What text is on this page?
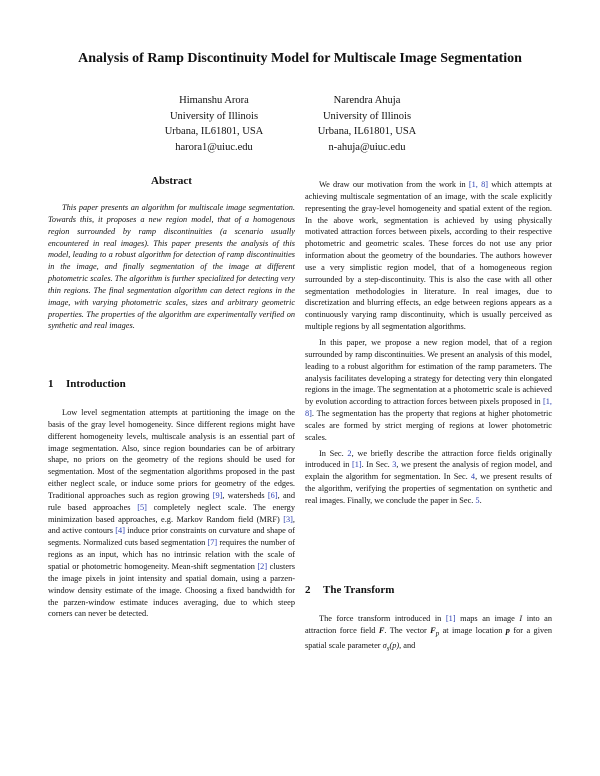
Analysis of Ramp Discontinuity Model for Multiscale Image Segmentation
Himanshu Arora
University of Illinois
Urbana, IL61801, USA
harora1@uiuc.edu
Narendra Ahuja
University of Illinois
Urbana, IL61801, USA
n-ahuja@uiuc.edu
Abstract

This paper presents an algorithm for multiscale image segmentation. Towards this, it proposes a new region model, that of a homogenous region surrounded by ramp discontinuities (a scenario usually encountered in real images). This paper presents the analysis of this model, leading to a robust algorithm for detection of ramp discontinuities in the image, and finally segmentation of the image at different photometric scales. The algorithm is further specialized for detecting very thin regions. The final segmentation algorithm can detect regions in the image, with varying photometric scales, sizes and arbitrary geometric properties. The properties of the algorithm are experimentally verified on synthetic and real images.

1 Introduction

Low level segmentation attempts at partitioning the image on the basis of the gray level homogeneity. Since different regions might have different homogeneity levels, multiscale analysis is an essential part of image segmentation. Also, since region boundaries can be of arbitrary shape, no priors on the geometry of the regions should be used for segmentation. Most of the segmentation algorithms proposed in the past either neglect scale, or induce some priors for geometry of the edges. Traditional approaches such as region growing [9], watersheds [6], and rule based approaches [5] completely neglect scale. The energy minimization based approaches, e.g. Markov Random field (MRF) [3], and active contours [4] induce prior constraints on curvature and shape of segments. Normalized cuts based segmentation [7] requires the number of regions as an input, which has no intrinsic relation with the scale of spatial or photometric homogeneity. Mean-shift segmentation [2] clusters the image pixels in joint intensity and spatial domain, using a parzen-window density estimate of the image. Choosing a fixed bandwidth for the parzen-window estimate induces averaging, due to which steep corners can never be detected.

We draw our motivation from the work in [1, 8] which attempts at achieving multiscale segmentation of an image, with the scale explicitly representing the gray-level homogeneity and spatial extent of the region. In the above work, segmentation is achieved by using physically motivated attraction forces between pixels, according to their respective photometric and geometric scales. These forces do not use any prior information about the geometry of the boundaries. The authors however use a very simplistic region model, that of a homogeneous region surrounded by a step-discontinuity. This is also the case with all other segmentation methodologies in literature. In real images, due to discretization and blurring effects, an edge between regions appears as a continuously varying ramp discontinuity, which is usually perceived as multiple regions by all segmentation algorithms.

In this paper, we propose a new region model, that of a region surrounded by ramp discontinuities. We present an analysis of this model, leading to a robust algorithm for estimation of the ramp parameters. The analysis facilitates developing a strategy for detecting very thin elongated regions in the image. The segmentation at a photometric scale is achieved by evolution according to attraction forces between pixels proposed in [1, 8]. The segmentation has the property that regions at higher photometric scales are formed by strict merging of regions at lower photometric scales.

In Sec. 2, we briefly describe the attraction force fields originally introduced in [1]. In Sec. 3, we present the analysis of region model, and explain the algorithm for segmentation. In Sec. 4, we present results of the algorithm, verifying the properties of segmentation on synthetic and real images. Finally, we conclude the paper in Sec. 5.

2 The Transform

The force transform introduced in [1] maps an image I into an attraction force field F. The vector $F_p$ at image location p for a given spatial scale parameter $\sigma_s(p)$, and
